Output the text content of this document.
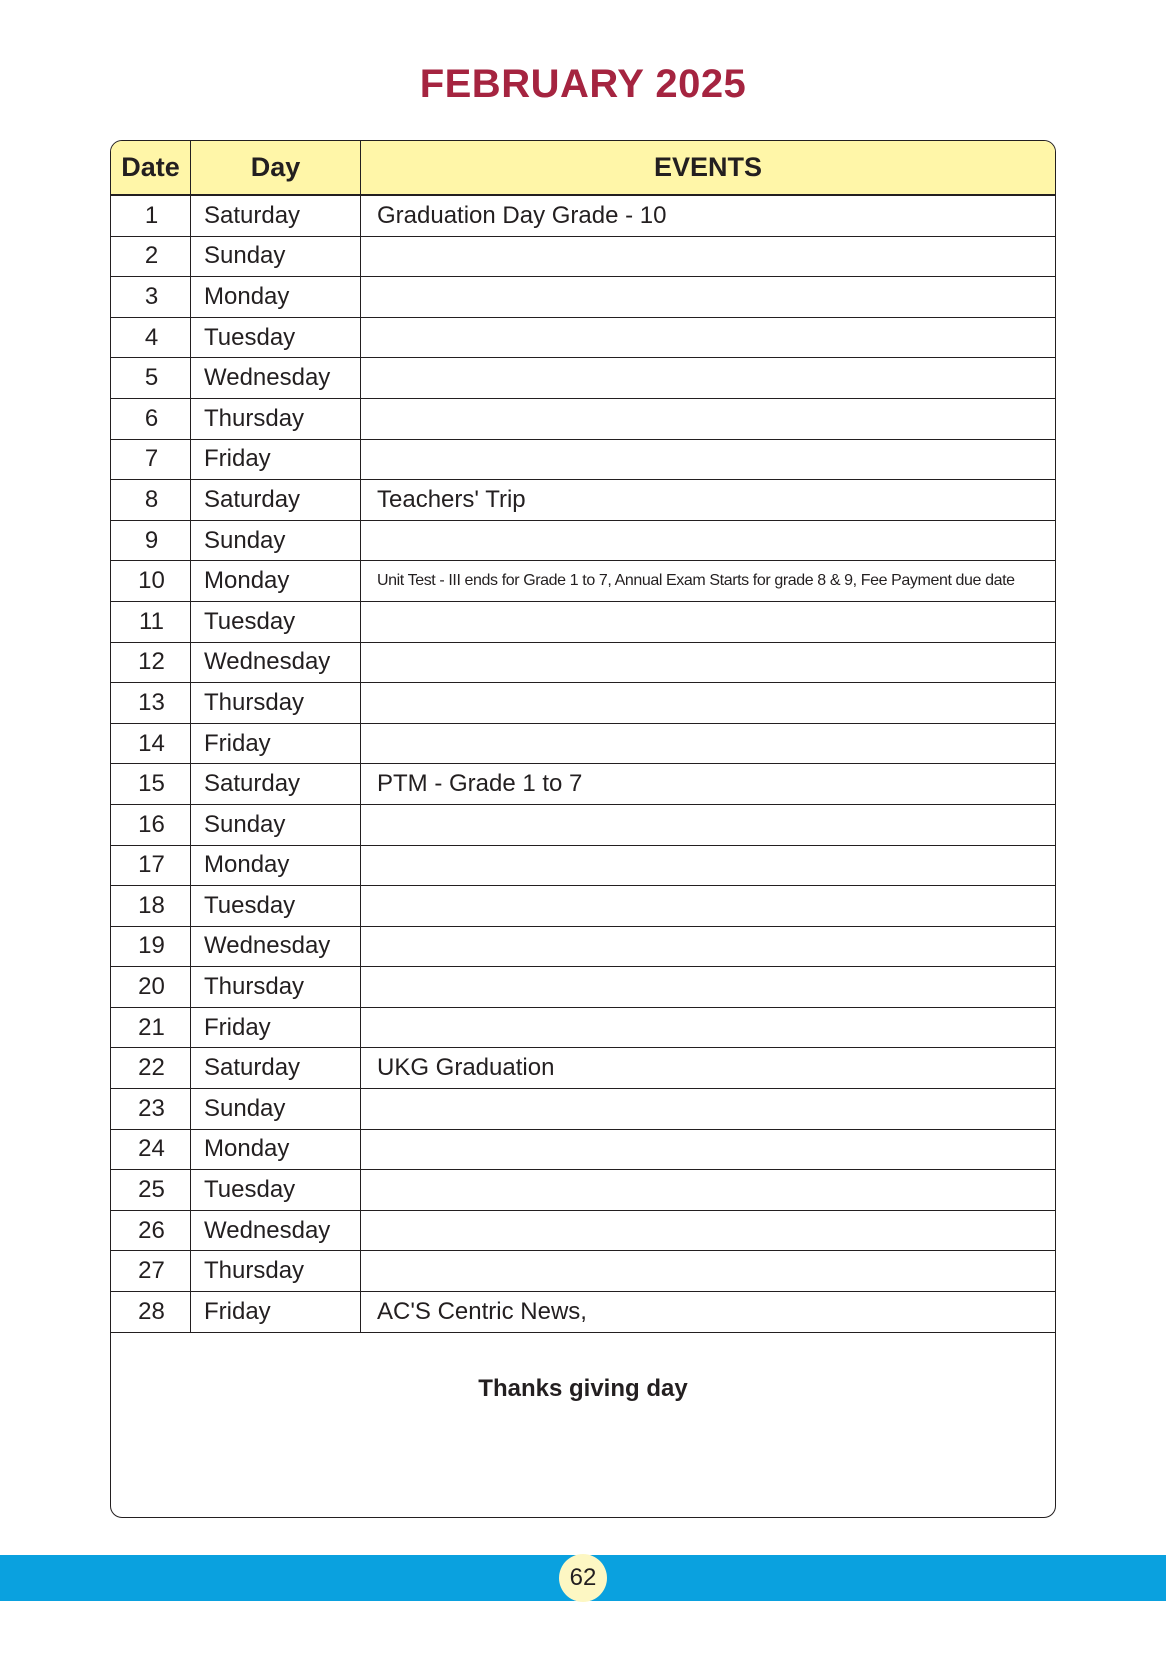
FEBRUARY 2025
Date	Day	EVENTS
1	Saturday	Graduation Day Grade - 10
2	Sunday
3	Monday
4	Tuesday
5	Wednesday
6	Thursday
7	Friday
8	Saturday	Teachers' Trip
9	Sunday
10	Monday	Unit Test - III ends for Grade 1 to 7, Annual Exam Starts for grade 8 & 9, Fee Payment due date
11	Tuesday
12	Wednesday
13	Thursday
14	Friday
15	Saturday	PTM - Grade 1 to 7
16	Sunday
17	Monday
18	Tuesday
19	Wednesday
20	Thursday
21	Friday
22	Saturday	UKG Graduation
23	Sunday
24	Monday
25	Tuesday
26	Wednesday
27	Thursday
28	Friday	AC'S Centric News,
Thanks giving day
62
